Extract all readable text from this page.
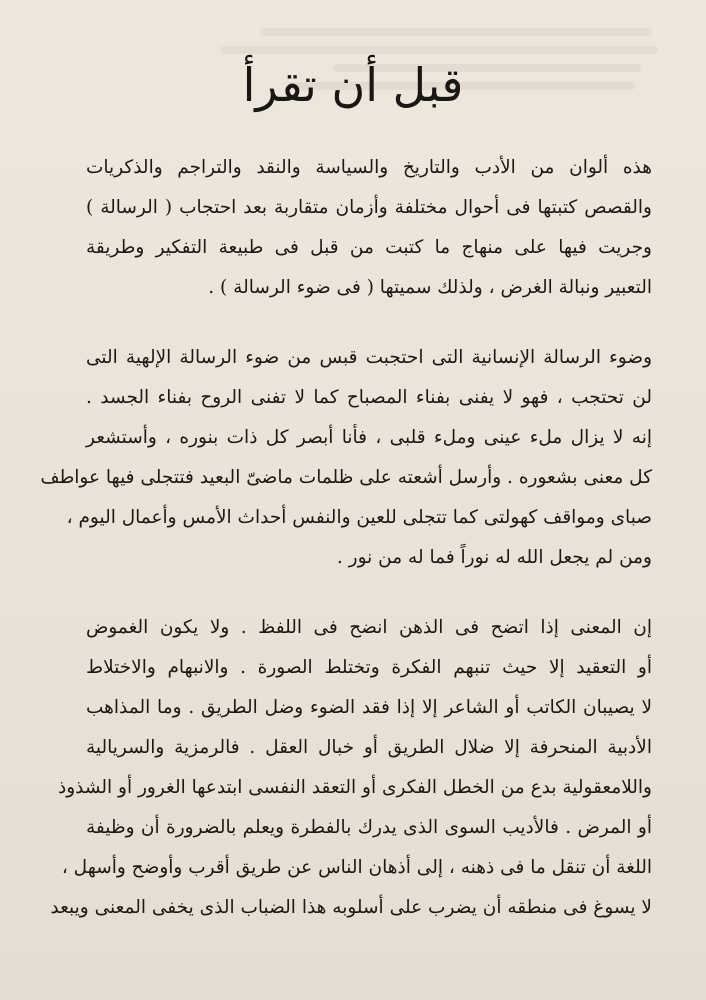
قبل أن تقرأ
هذه ألوان من الأدب والتاريخ والسياسة والنقد والتراجم والذكريات
والقصص كتبتها فى أحوال مختلفة وأزمان متقاربة بعد احتجاب ( الرسالة )
وجريت فيها على منهاج ما كتبت من قبل فى طبيعة التفكير وطريقة
التعبير ونبالة الغرض ، ولذلك سميتها ( فى ضوء الرسالة ) .
وضوء الرسالة الإنسانية التى احتجبت قبس من ضوء الرسالة الإلهية التى
لن تحتجب ، فهو لا يفنى بفناء المصباح كما لا تفنى الروح بفناء الجسد .
إنه لا يزال ملء عينى وملء قلبى ، فأنا أبصر كل ذات بنوره ، وأستشعر
كل معنى بشعوره . وأرسل أشعته على ظلمات ماضىّ البعيد فتتجلى فيها عواطف
صباى ومواقف كهولتى كما تتجلى للعين والنفس أحداث الأمس وأعمال اليوم ،
ومن لم يجعل الله له نوراً فما له من نور .
إن المعنى إذا اتضح فى الذهن انضح فى اللفظ . ولا يكون الغموض
أو التعقيد إلا حيث تنبهم الفكرة وتختلط الصورة . والانبهام والاختلاط
لا يصيبان الكاتب أو الشاعر إلا إذا فقد الضوء وضل الطريق . وما المذاهب
الأدبية المنحرفة إلا ضلال الطريق أو خبال العقل . فالرمزية والسريالية
واللامعقولية بدع من الخطل الفكرى أو التعقد النفسى ابتدعها الغرور أو الشذوذ
أو المرض . فالأديب السوى الذى يدرك بالفطرة ويعلم بالضرورة أن وظيفة
اللغة أن تنقل ما فى ذهنه ، إلى أذهان الناس عن طريق أقرب وأوضح وأسهل ،
لا يسوغ فى منطقه أن يضرب على أسلوبه هذا الضباب الذى يخفى المعنى ويبعد
